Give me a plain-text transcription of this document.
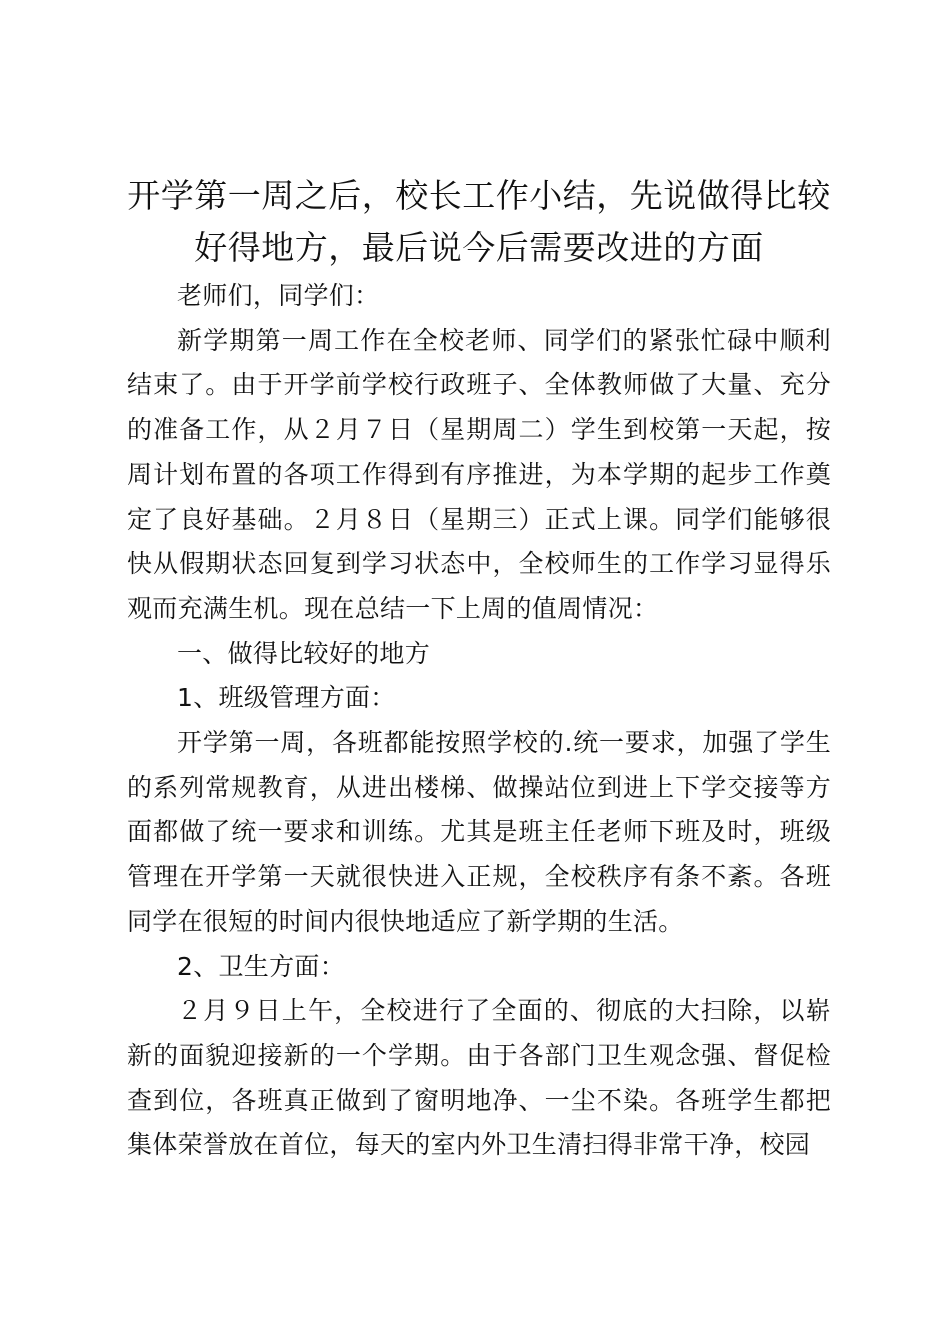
开学第一周之后，校长工作小结，先说做得比较好得地方，最后说今后需要改进的方面

老师们，同学们：

新学期第一周工作在全校老师、同学们的紧张忙碌中顺利结束了。由于开学前学校行政班子、全体教师做了大量、充分的准备工作，从２月７日（星期周二）学生到校第一天起，按周计划布置的各项工作得到有序推进，为本学期的起步工作奠定了良好基础。２月８日（星期三）正式上课。同学们能够很快从假期状态回复到学习状态中，全校师生的工作学习显得乐观而充满生机。现在总结一下上周的值周情况：

一、做得比较好的地方

1、班级管理方面：

开学第一周，各班都能按照学校的.统一要求，加强了学生的系列常规教育，从进出楼梯、做操站位到进上下学交接等方面都做了统一要求和训练。尤其是班主任老师下班及时，班级管理在开学第一天就很快进入正规，全校秩序有条不紊。各班同学在很短的时间内很快地适应了新学期的生活。

2、卫生方面：

２月９日上午，全校进行了全面的、彻底的大扫除，以崭新的面貌迎接新的一个学期。由于各部门卫生观念强、督促检查到位，各班真正做到了窗明地净、一尘不染。各班学生都把集体荣誉放在首位，每天的室内外卫生清扫得非常干净，校园
